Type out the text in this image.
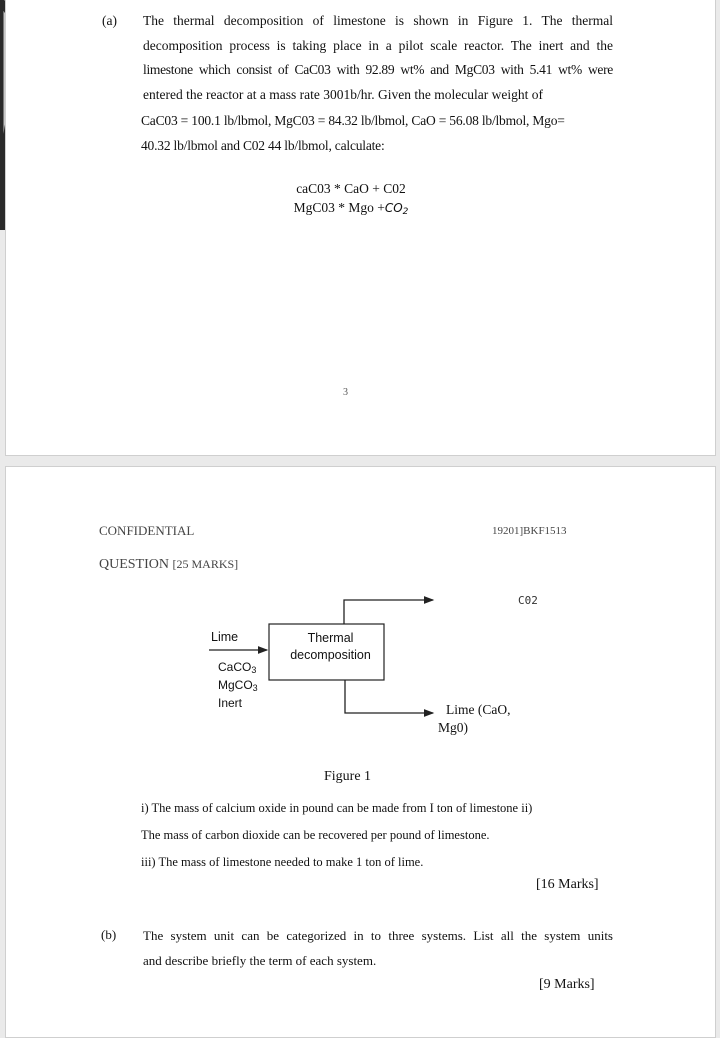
(a) The thermal decomposition of limestone is shown in Figure 1. The thermal
decomposition process is taking place in a pilot scale reactor. The inert and the
limestone which consist of CaC03 with 92.89 wt% and MgC03 with 5.41 wt% were
entered the reactor at a mass rate 3001b/hr. Given the molecular weight of
CaC03 = 100.1 lb/lbmol, MgC03 = 84.32 lb/lbmol, CaO = 56.08 lb/lbmol, Mgo=
40.32 lb/lbmol and C02 44 lb/lbmol, calculate:
caC03 * CaO + C02
MgC03 * Mgo $+CO_2$
3
CONFIDENTIAL	19201]BKF1513
QUESTION [25 MARKS]
Thermal
decomposition
Lime
CaCO$_3$
MgCO$_3$
Inert
C02
Lime (CaO,
Mg0)
Figure 1
i) The mass of calcium oxide in pound can be made from I ton of limestone ii)
The mass of carbon dioxide can be recovered per pound of limestone.
iii) The mass of limestone needed to make 1 ton of lime.
[16 Marks]
(b) The system unit can be categorized in to three systems. List all the system units
and describe briefly the term of each system.
[9 Marks]
